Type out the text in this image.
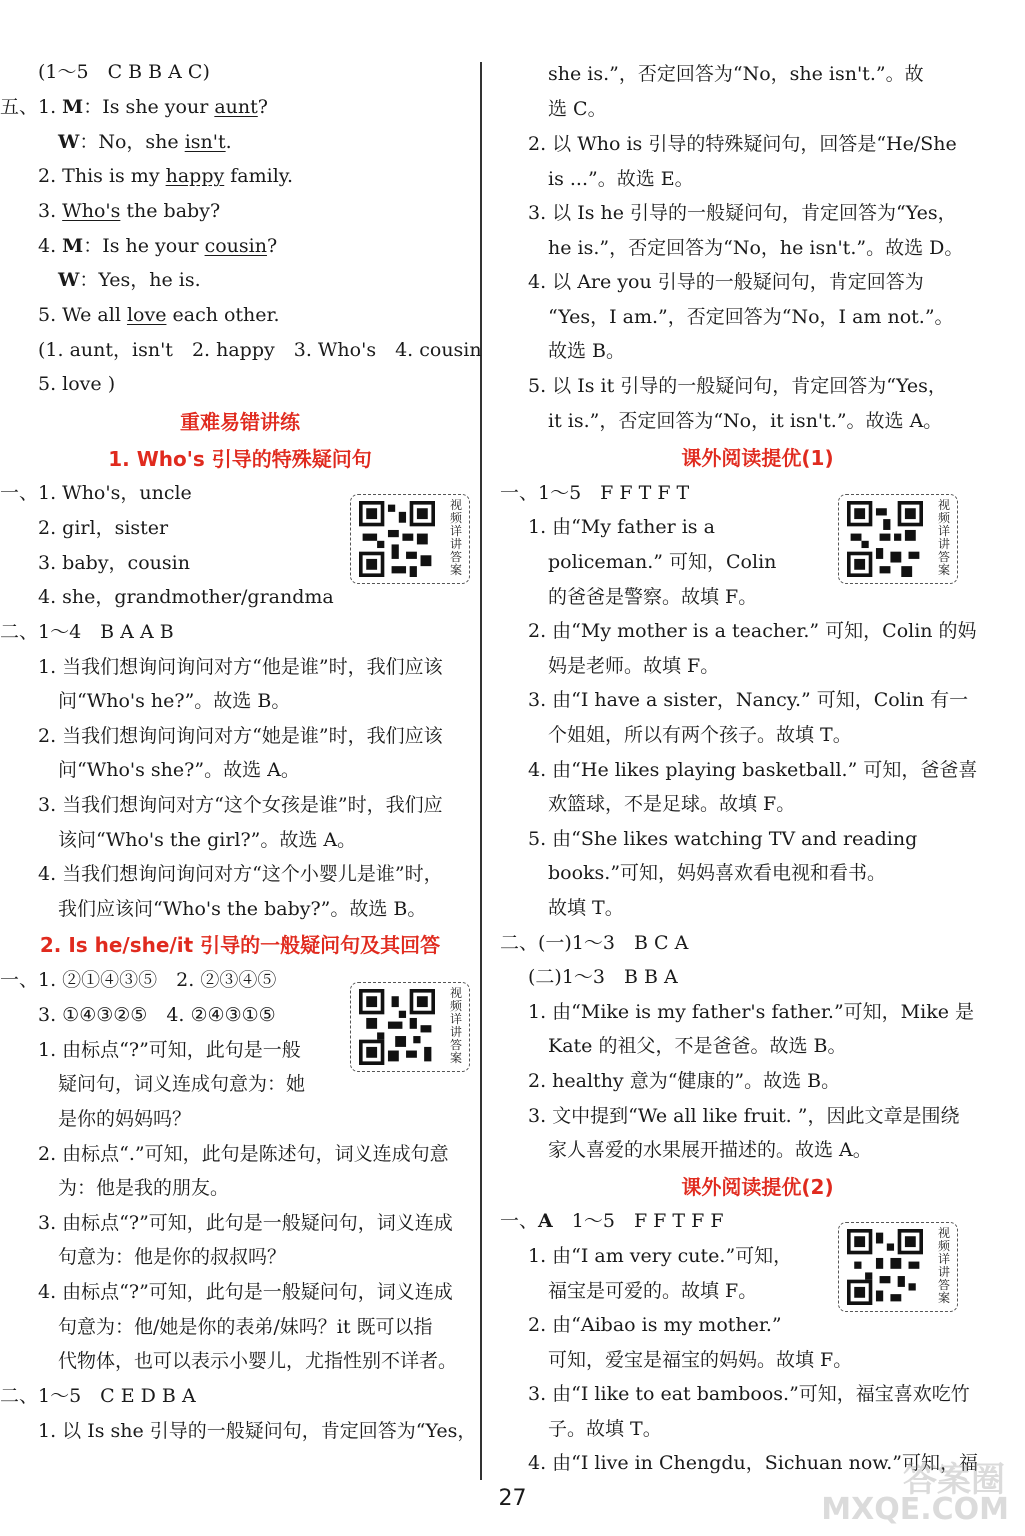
(1～5　C B B A C)
五、1. M：Is she your aunt?
W：No，she isn't.
2. This is my happy family.
3. Who's the baby?
4. M：Is he your cousin?
W：Yes，he is.
5. We all love each other.
(1. aunt，isn't　2. happy　3. Who's　4. cousin
5. love )
重难易错讲练
1. Who's 引导的特殊疑问句
一、1. Who's，uncle
2. girl，sister
3. baby，cousin
4. she，grandmother/grandma
视频详讲答案
二、1～4　B A A B
1. 当我们想询问询问对方“他是谁”时，我们应该
问“Who's he?”。故选 B。
2. 当我们想询问询问对方“她是谁”时，我们应该
问“Who's she?”。故选 A。
3. 当我们想询问对方“这个女孩是谁”时，我们应
该问“Who's the girl?”。故选 A。
4. 当我们想询问询问对方“这个小婴儿是谁”时，
我们应该问“Who's the baby?”。故选 B。
2. Is he/she/it 引导的一般疑问句及其回答
一、1. ②①④③⑤　2. ②③④⑤
3. ①④③②⑤　4. ②④③①⑤
视频详讲答案
1. 由标点“?”可知，此句是一般
疑问句，词义连成句意为：她
是你的妈妈吗？
2. 由标点“.”可知，此句是陈述句，词义连成句意
为：他是我的朋友。
3. 由标点“?”可知，此句是一般疑问句，词义连成
句意为：他是你的叔叔吗？
4. 由标点“?”可知，此句是一般疑问句，词义连成
句意为：他/她是你的表弟/妹吗？it 既可以指
代物体，也可以表示小婴儿，尤指性别不详者。
二、1～5　C E D B A
1. 以 Is she 引导的一般疑问句，肯定回答为“Yes，
she is.”，否定回答为“No，she isn't.”。故
选 C。
2. 以 Who is 引导的特殊疑问句，回答是“He/She
is ...”。故选 E。
3. 以 Is he 引导的一般疑问句，肯定回答为“Yes，
he is.”，否定回答为“No，he isn't.”。故选 D。
4. 以 Are you 引导的一般疑问句，肯定回答为
“Yes，I am.”，否定回答为“No，I am not.”。
故选 B。
5. 以 Is it 引导的一般疑问句，肯定回答为“Yes，
it is.”，否定回答为“No，it isn't.”。故选 A。
课外阅读提优(1)
一、1～5　F F T F T
1. 由“My father is a
policeman.” 可知，Colin
的爸爸是警察。故填 F。
视频详讲答案
2. 由“My mother is a teacher.” 可知，Colin 的妈
妈是老师。故填 F。
3. 由“I have a sister，Nancy.” 可知，Colin 有一
个姐姐，所以有两个孩子。故填 T。
4. 由“He likes playing basketball.” 可知，爸爸喜
欢篮球，不是足球。故填 F。
5. 由“She likes watching TV and reading
books.”可知，妈妈喜欢看电视和看书。
故填 T。
二、(一)1～3　B C A
(二)1～3　B B A
1. 由“Mike is my father's father.”可知，Mike 是
Kate 的祖父，不是爸爸。故选 B。
2. healthy 意为“健康的”。故选 B。
3. 文中提到“We all like fruit. ”，因此文章是围绕
家人喜爱的水果展开描述的。故选 A。
课外阅读提优(2)
一、A　1～5　F F T F F
1. 由“I am very cute.”可知，
福宝是可爱的。故填 F。
视频详讲答案
2. 由“Aibao is my mother.”
可知，爱宝是福宝的妈妈。故填 F。
3. 由“I like to eat bamboos.”可知，福宝喜欢吃竹
子。故填 T。
4. 由“I live in Chengdu，Sichuan now.”可知，福
27	答案圈
MXQE.COM
